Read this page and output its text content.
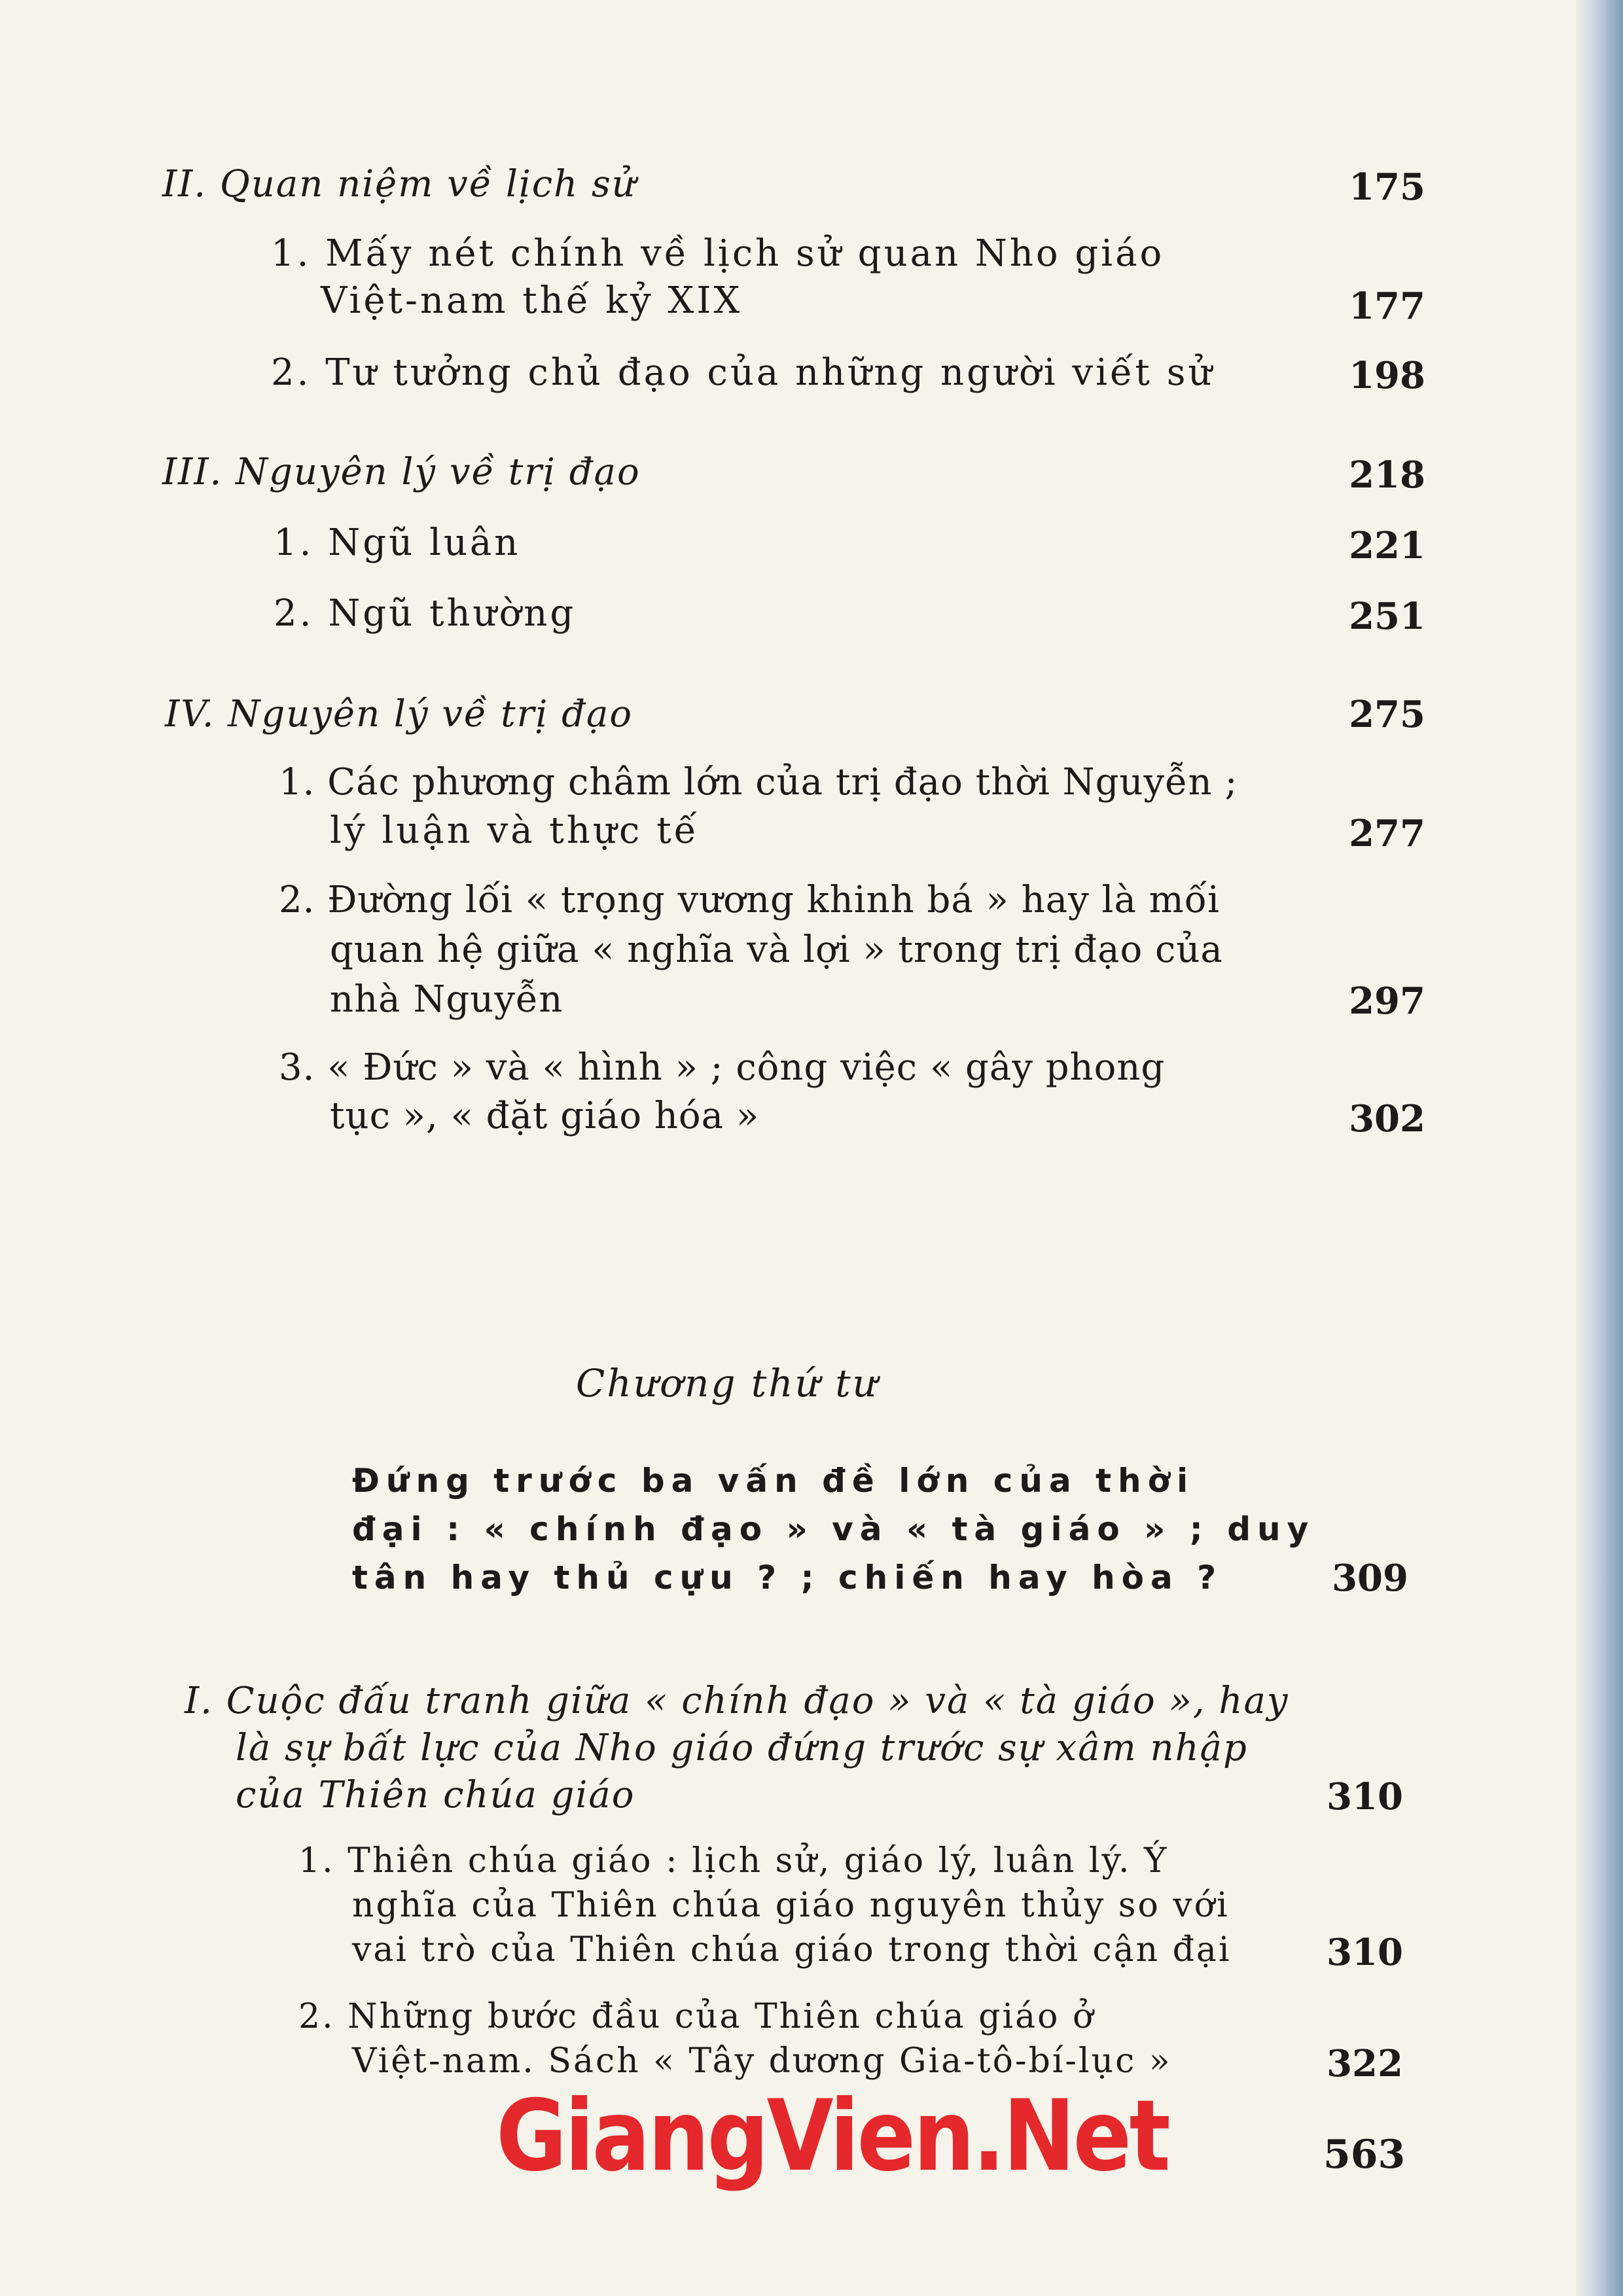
II. Quan niệm về lịch sử	175
1. Mấy nét chính về lịch sử quan Nho giáo
Việt-nam thế kỷ XIX	177
2. Tư tưởng chủ đạo của những người viết sử	198
III. Nguyên lý về trị đạo	218
1. Ngũ luân	221
2. Ngũ thường	251
IV. Nguyên lý về trị đạo	275
1. Các phương châm lớn của trị đạo thời Nguyễn ;
lý luận và thực tế	277
2. Đường lối « trọng vương khinh bá » hay là mối
quan hệ giữa « nghĩa và lợi » trong trị đạo của
nhà Nguyễn	297
3. « Đức » và « hình » ; công việc « gây phong
tục », « đặt giáo hóa »	302
Chương thứ tư
Đứng trước ba vấn đề lớn của thời
đại : « chính đạo » và « tà giáo » ; duy
tân hay thủ cựu ? ; chiến hay hòa ?	309
I. Cuộc đấu tranh giữa « chính đạo » và « tà giáo », hay
là sự bất lực của Nho giáo đứng trước sự xâm nhập
của Thiên chúa giáo	310
1. Thiên chúa giáo : lịch sử, giáo lý, luân lý. Ý
nghĩa của Thiên chúa giáo nguyên thủy so với
vai trò của Thiên chúa giáo trong thời cận đại	310
2. Những bước đầu của Thiên chúa giáo ở
Việt-nam. Sách « Tây dương Gia-tô-bí-lục »	322
563
GiangVien.Net
